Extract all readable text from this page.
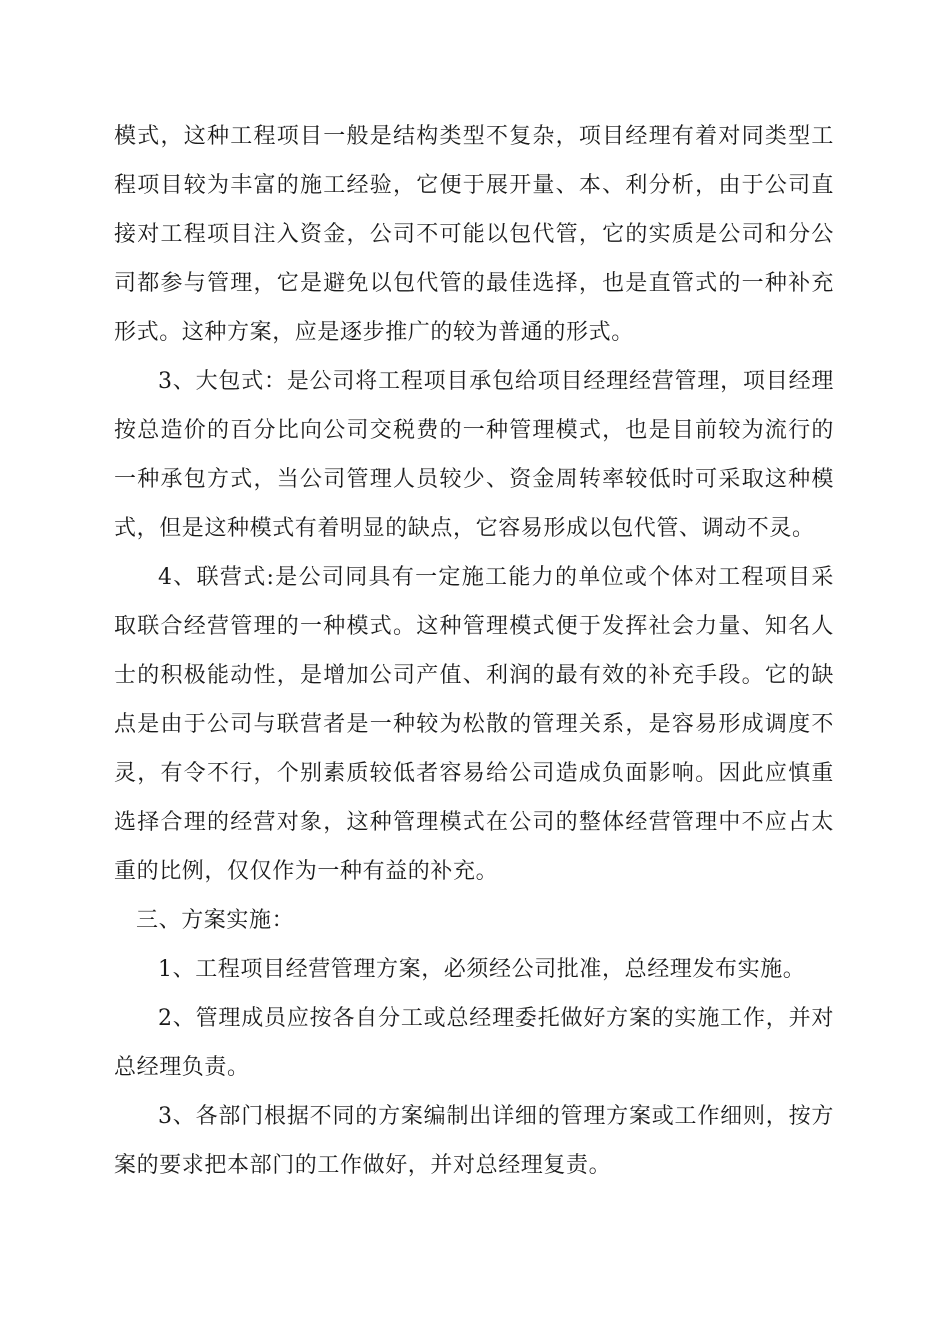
模式，这种工程项目一般是结构类型不复杂，项目经理有着对同类型工程项目较为丰富的施工经验，它便于展开量、本、利分析，由于公司直接对工程项目注入资金，公司不可能以包代管，它的实质是公司和分公司都参与管理，它是避免以包代管的最佳选择，也是直管式的一种补充形式。这种方案，应是逐步推广的较为普通的形式。

3、大包式：是公司将工程项目承包给项目经理经营管理，项目经理按总造价的百分比向公司交税费的一种管理模式，也是目前较为流行的一种承包方式，当公司管理人员较少、资金周转率较低时可采取这种模式，但是这种模式有着明显的缺点，它容易形成以包代管、调动不灵。

4、联营式:是公司同具有一定施工能力的单位或个体对工程项目采取联合经营管理的一种模式。这种管理模式便于发挥社会力量、知名人士的积极能动性，是增加公司产值、利润的最有效的补充手段。它的缺点是由于公司与联营者是一种较为松散的管理关系，是容易形成调度不灵，有令不行，个别素质较低者容易给公司造成负面影响。因此应慎重选择合理的经营对象，这种管理模式在公司的整体经营管理中不应占太重的比例，仅仅作为一种有益的补充。

三、方案实施：

1、工程项目经营管理方案，必须经公司批准，总经理发布实施。

2、管理成员应按各自分工或总经理委托做好方案的实施工作，并对总经理负责。

3、各部门根据不同的方案编制出详细的管理方案或工作细则，按方案的要求把本部门的工作做好，并对总经理复责。
